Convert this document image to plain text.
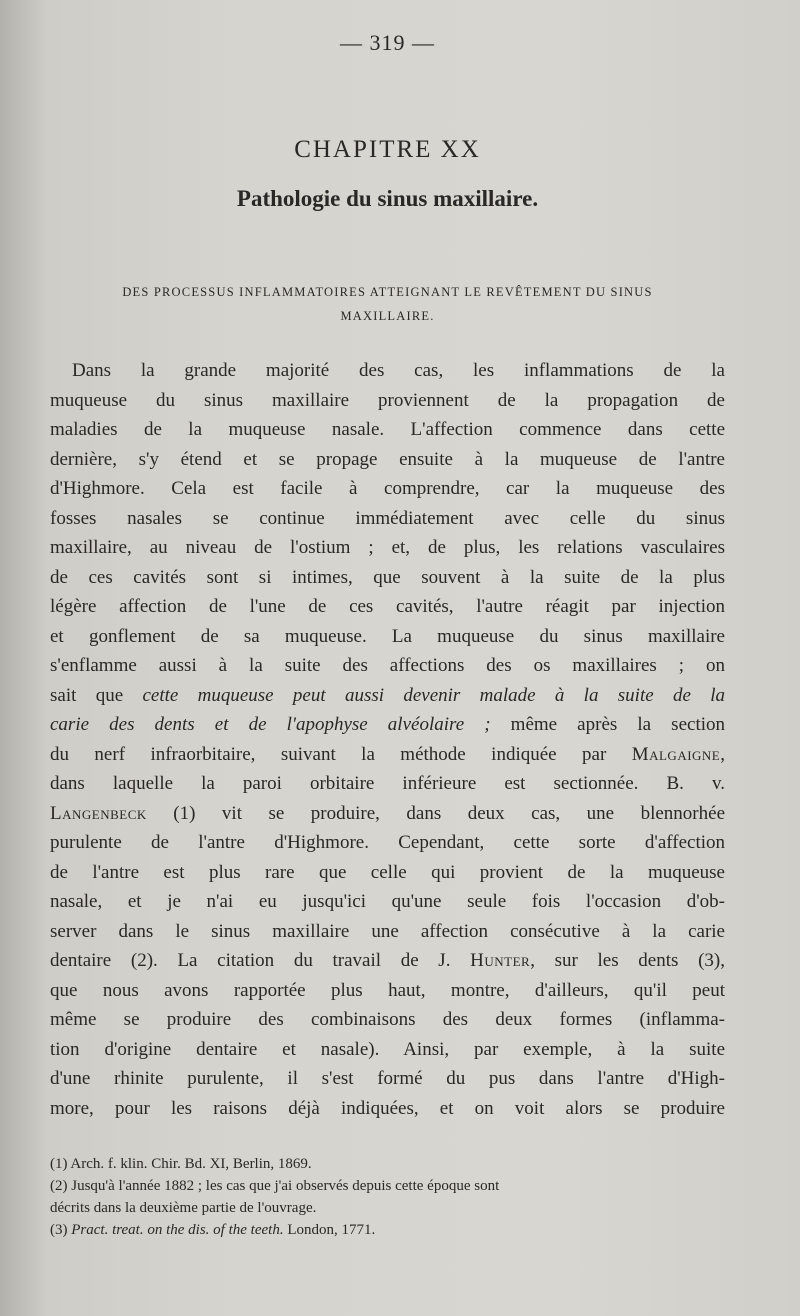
— 319 —
CHAPITRE XX
Pathologie du sinus maxillaire.
DES PROCESSUS INFLAMMATOIRES ATTEIGNANT LE REVÊTEMENT DU SINUS
MAXILLAIRE.
Dans la grande majorité des cas, les inflammations de la
muqueuse du sinus maxillaire proviennent de la propagation de
maladies de la muqueuse nasale. L'affection commence dans cette
dernière, s'y étend et se propage ensuite à la muqueuse de l'antre
d'Highmore. Cela est facile à comprendre, car la muqueuse des
fosses nasales se continue immédiatement avec celle du sinus
maxillaire, au niveau de l'ostium ; et, de plus, les relations vasculaires
de ces cavités sont si intimes, que souvent à la suite de la plus
légère affection de l'une de ces cavités, l'autre réagit par injection
et gonflement de sa muqueuse. La muqueuse du sinus maxillaire
s'enflamme aussi à la suite des affections des os maxillaires ; on
sait que cette muqueuse peut aussi devenir malade à la suite de la
carie des dents et de l'apophyse alvéolaire ; même après la section
du nerf infraorbitaire, suivant la méthode indiquée par Malgaigne,
dans laquelle la paroi orbitaire inférieure est sectionnée. B. v.
Langenbeck (1) vit se produire, dans deux cas, une blennorhée
purulente de l'antre d'Highmore. Cependant, cette sorte d'affection
de l'antre est plus rare que celle qui provient de la muqueuse
nasale, et je n'ai eu jusqu'ici qu'une seule fois l'occasion d'ob-
server dans le sinus maxillaire une affection consécutive à la carie
dentaire (2). La citation du travail de J. Hunter, sur les dents (3),
que nous avons rapportée plus haut, montre, d'ailleurs, qu'il peut
même se produire des combinaisons des deux formes (inflamma-
tion d'origine dentaire et nasale). Ainsi, par exemple, à la suite
d'une rhinite purulente, il s'est formé du pus dans l'antre d'High-
more, pour les raisons déjà indiquées, et on voit alors se produire
(1) Arch. f. klin. Chir. Bd. XI, Berlin, 1869.
(2) Jusqu'à l'année 1882 ; les cas que j'ai observés depuis cette époque sont
décrits dans la deuxième partie de l'ouvrage.
(3) Pract. treat. on the dis. of the teeth. London, 1771.
